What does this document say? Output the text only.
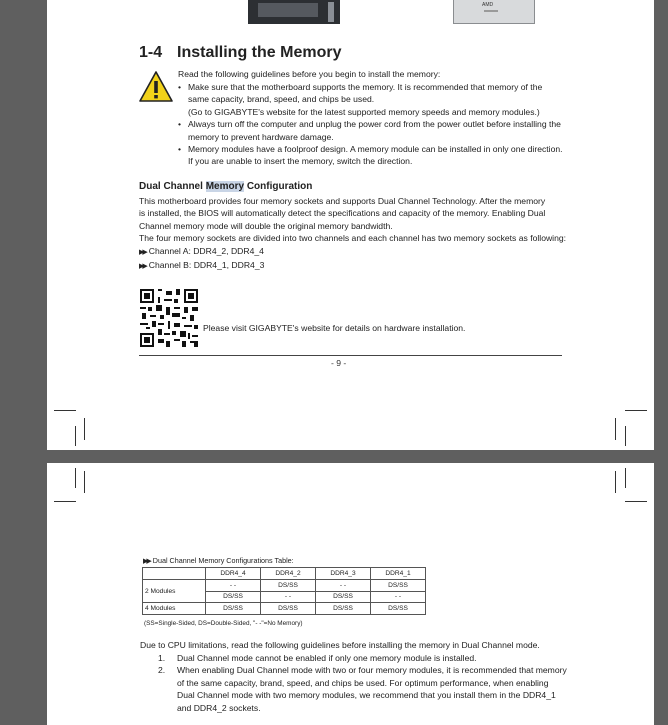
AMD
1-4 Installing the Memory
Read the following guidelines before you begin to install the memory:
• Make sure that the motherboard supports the memory. It is recommended that memory of the
same capacity, brand, speed, and chips be used.
(Go to GIGABYTE's website for the latest supported memory speeds and memory modules.)
• Always turn off the computer and unplug the power cord from the power outlet before installing the
memory to prevent hardware damage.
• Memory modules have a foolproof design. A memory module can be installed in only one direction.
If you are unable to insert the memory, switch the direction.
Dual Channel Memory Configuration
This motherboard provides four memory sockets and supports Dual Channel Technology. After the memory
is installed, the BIOS will automatically detect the specifications and capacity of the memory. Enabling Dual
Channel memory mode will double the original memory bandwidth.
The four memory sockets are divided into two channels and each channel has two memory sockets as following:
▶▶ Channel A: DDR4_2, DDR4_4
▶▶ Channel B: DDR4_1, DDR4_3
Please visit GIGABYTE's website for details on hardware installation.
- 9 -
▶▶ Dual Channel Memory Configurations Table:
	DDR4_4	DDR4_2	DDR4_3	DDR4_1
2 Modules	- -	DS/SS	- -	DS/SS
	DS/SS	- -	DS/SS	- -
4 Modules	DS/SS	DS/SS	DS/SS	DS/SS
(SS=Single-Sided, DS=Double-Sided, "- -"=No Memory)
Due to CPU limitations, read the following guidelines before installing the memory in Dual Channel mode.
1. Dual Channel mode cannot be enabled if only one memory module is installed.
2. When enabling Dual Channel mode with two or four memory modules, it is recommended that memory
of the same capacity, brand, speed, and chips be used. For optimum performance, when enabling
Dual Channel mode with two memory modules, we recommend that you install them in the DDR4_1
and DDR4_2 sockets.
